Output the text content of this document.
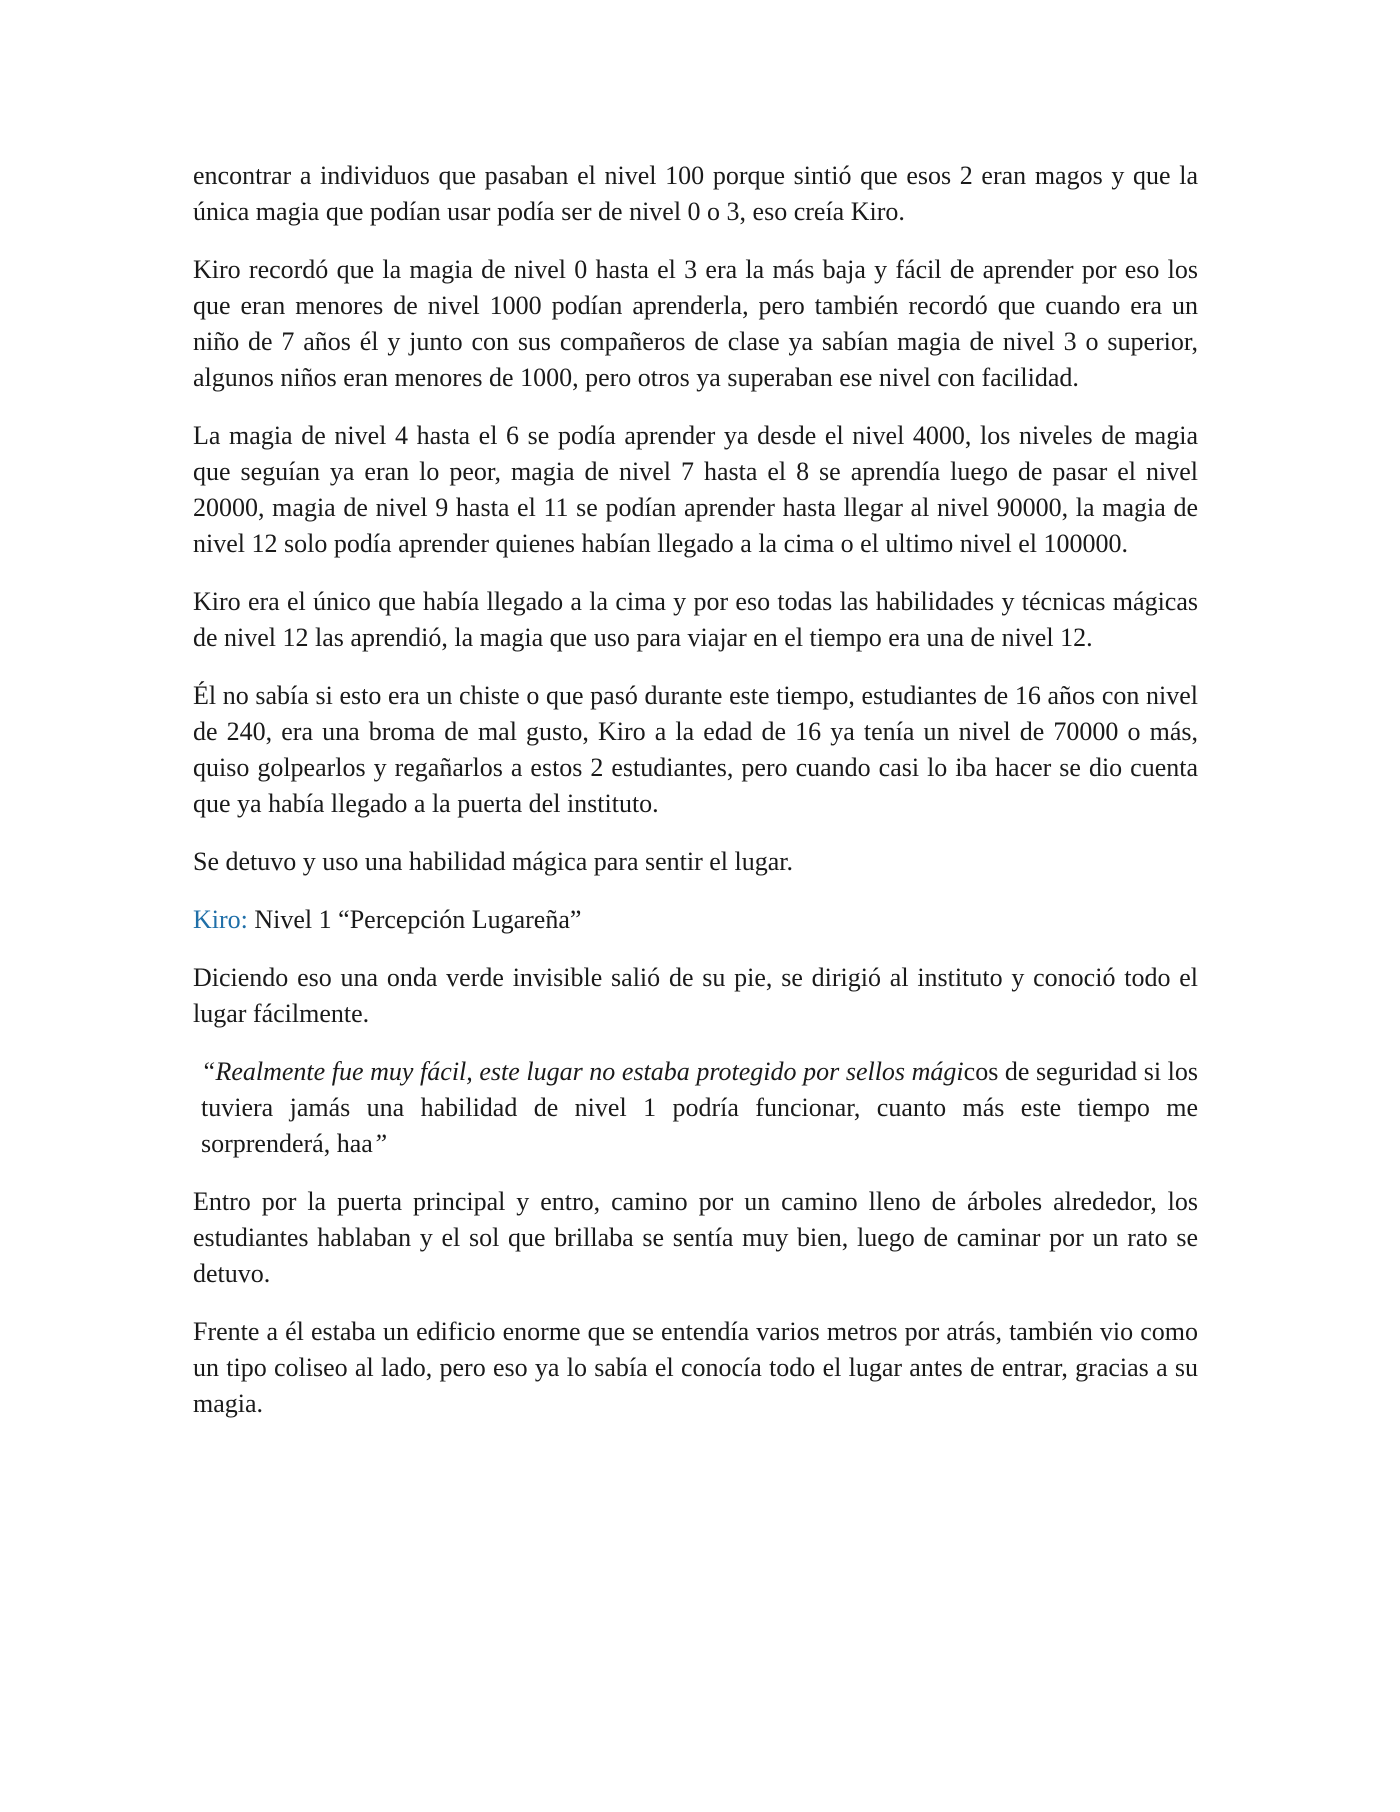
encontrar a individuos que pasaban el nivel 100 porque sintió que esos 2 eran magos y que la única magia que podían usar podía ser de nivel 0 o 3, eso creía Kiro.

Kiro recordó que la magia de nivel 0 hasta el 3 era la más baja y fácil de aprender por eso los que eran menores de nivel 1000 podían aprenderla, pero también recordó que cuando era un niño de 7 años él y junto con sus compañeros de clase ya sabían magia de nivel 3 o superior, algunos niños eran menores de 1000, pero otros ya superaban ese nivel con facilidad.

La magia de nivel 4 hasta el 6 se podía aprender ya desde el nivel 4000, los niveles de magia que seguían ya eran lo peor, magia de nivel 7 hasta el 8 se aprendía luego de pasar el nivel 20000, magia de nivel 9 hasta el 11 se podían aprender hasta llegar al nivel 90000, la magia de nivel 12 solo podía aprender quienes habían llegado a la cima o el ultimo nivel el 100000.

Kiro era el único que había llegado a la cima y por eso todas las habilidades y técnicas mágicas de nivel 12 las aprendió, la magia que uso para viajar en el tiempo era una de nivel 12.

Él no sabía si esto era un chiste o que pasó durante este tiempo, estudiantes de 16 años con nivel de 240, era una broma de mal gusto, Kiro a la edad de 16 ya tenía un nivel de 70000 o más, quiso golpearlos y regañarlos a estos 2 estudiantes, pero cuando casi lo iba hacer se dio cuenta que ya había llegado a la puerta del instituto.

Se detuvo y uso una habilidad mágica para sentir el lugar.

Kiro: Nivel 1 “Percepción Lugareña”

Diciendo eso una onda verde invisible salió de su pie, se dirigió al instituto y conoció todo el lugar fácilmente.

“Realmente fue muy fácil, este lugar no estaba protegido por sellos mágicos de seguridad si los tuviera jamás una habilidad de nivel 1 podría funcionar, cuanto más este tiempo me sorprenderá, haa”

Entro por la puerta principal y entro, camino por un camino lleno de árboles alrededor, los estudiantes hablaban y el sol que brillaba se sentía muy bien, luego de caminar por un rato se detuvo.

Frente a él estaba un edificio enorme que se entendía varios metros por atrás, también vio como un tipo coliseo al lado, pero eso ya lo sabía el conocía todo el lugar antes de entrar, gracias a su magia.
